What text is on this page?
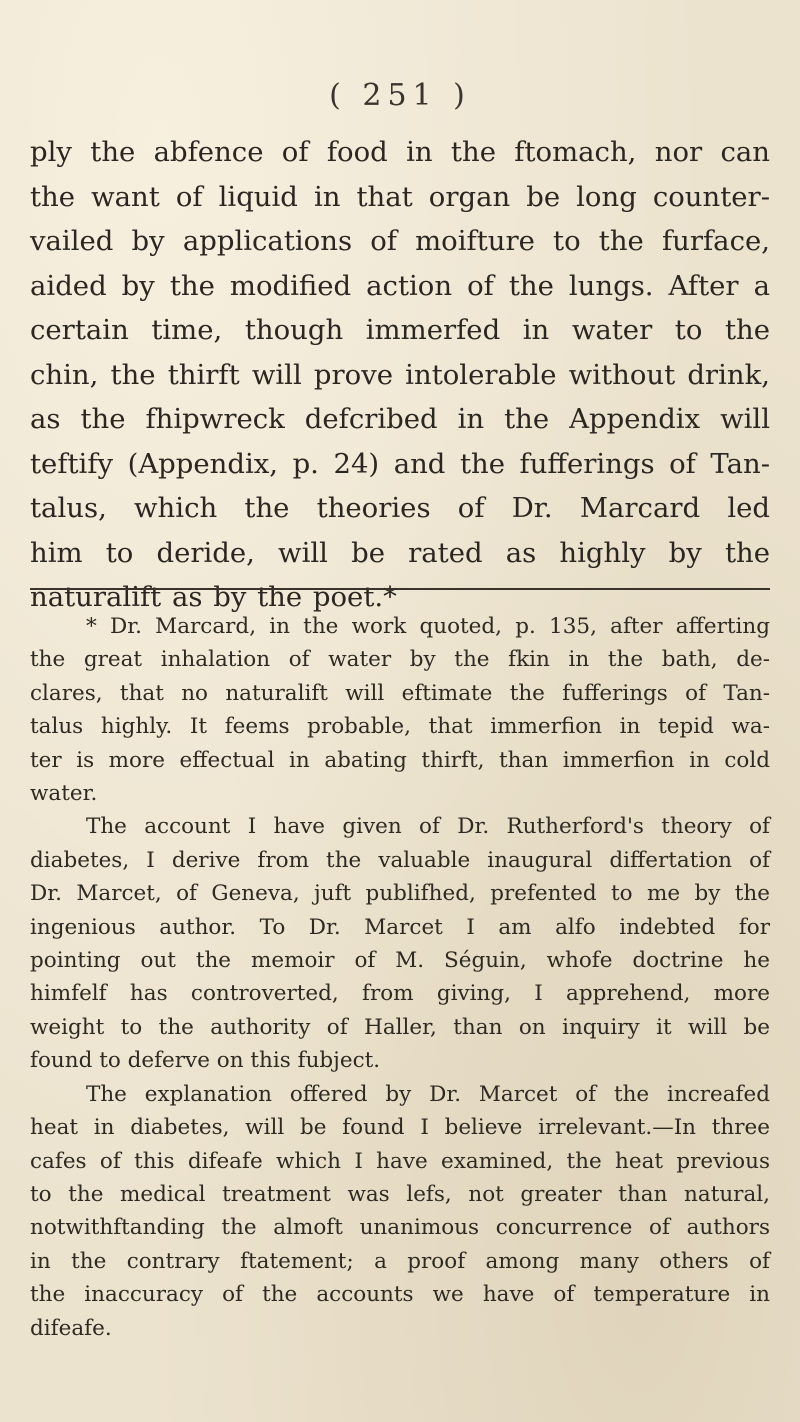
( 251 )
ply the abfence of food in the ftomach, nor can
the want of liquid in that organ be long counter-
vailed by applications of moifture to the furface,
aided by the modified action of the lungs. After a
certain time, though immerfed in water to the
chin, the thirft will prove intolerable without drink,
as the fhipwreck defcribed in the Appendix will
teftify (Appendix, p. 24) and the fufferings of Tan-
talus, which the theories of Dr. Marcard led
him to deride, will be rated as highly by the
naturalift as by the poet.*
* Dr. Marcard, in the work quoted, p. 135, after afferting
the great inhalation of water by the fkin in the bath, de-
clares, that no naturalift will eftimate the fufferings of Tan-
talus highly. It feems probable, that immerfion in tepid wa-
ter is more effectual in abating thirft, than immerfion in cold
water.
The account I have given of Dr. Rutherford's theory of
diabetes, I derive from the valuable inaugural differtation of
Dr. Marcet, of Geneva, juft publifhed, prefented to me by the
ingenious author. To Dr. Marcet I am alfo indebted for
pointing out the memoir of M. Séguin, whofe doctrine he
himfelf has controverted, from giving, I apprehend, more
weight to the authority of Haller, than on inquiry it will be
found to deferve on this fubject.
The explanation offered by Dr. Marcet of the increafed
heat in diabetes, will be found I believe irrelevant.—In three
cafes of this difeafe which I have examined, the heat previous
to the medical treatment was lefs, not greater than natural,
notwithftanding the almoft unanimous concurrence of authors
in the contrary ftatement; a proof among many others of
the inaccuracy of the accounts we have of temperature in
difeafe.
